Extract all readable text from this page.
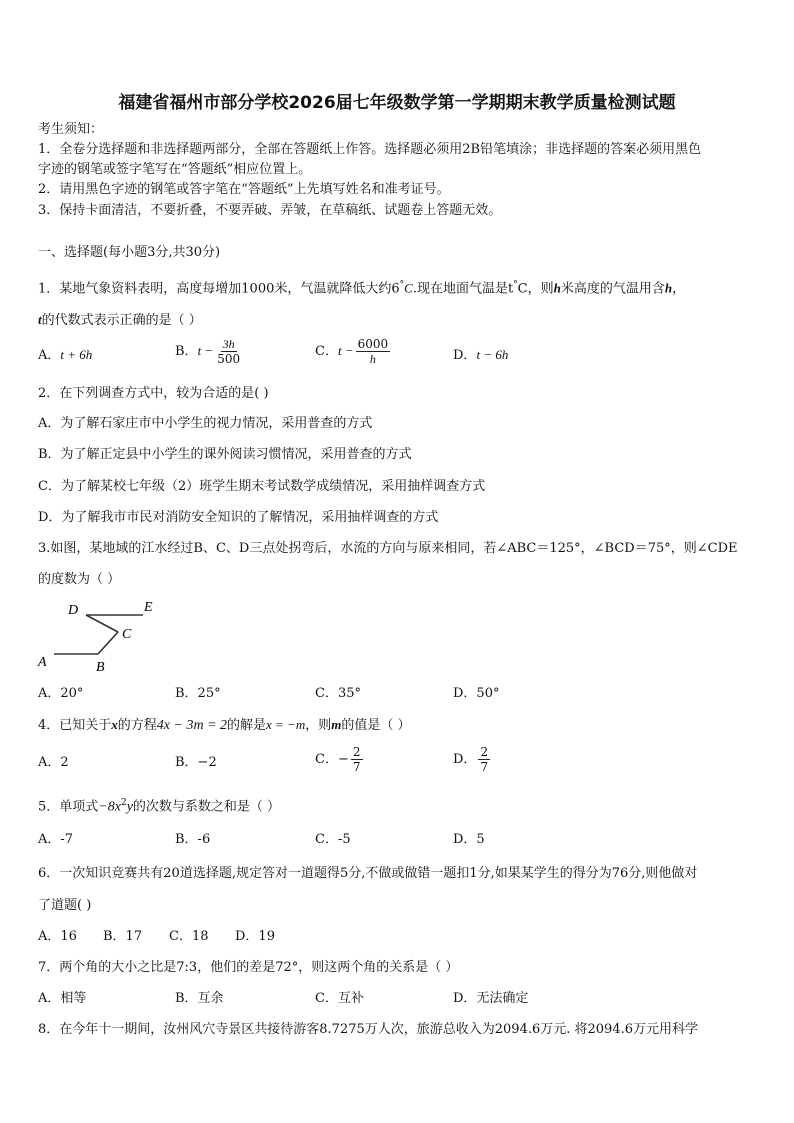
福建省福州市部分学校2026届七年级数学第一学期期末教学质量检测试题
考生须知：
1．全卷分选择题和非选择题两部分，全部在答题纸上作答。选择题必须用2B铅笔填涂；非选择题的答案必须用黑色
字迹的钢笔或签字笔写在“答题纸”相应位置上。
2．请用黑色字迹的钢笔或答字笔在“答题纸”上先填写姓名和准考证号。
3．保持卡面清洁，不要折叠，不要弄破、弄皱，在草稿纸、试题卷上答题无效。
一、选择题(每小题3分,共30分)
1．某地气象资料表明，高度每增加1000米，气温就降低大约6°C.现在地面气温是t°C，则h米高度的气温用含h，
t的代数式表示正确的是（ ）
A．t + 6h	B．$t - \frac{3h}{500}$	C．$t - \frac{6000}{h}$	D．t − 6h
2．在下列调查方式中，较为合适的是( )
A．为了解石家庄市中小学生的视力情况，采用普查的方式
B．为了解正定县中小学生的课外阅读习惯情况，采用普查的方式
C．为了解某校七年级（2）班学生期末考试数学成绩情况，采用抽样调查方式
D．为了解我市市民对消防安全知识的了解情况，采用抽样调查的方式
3.如图，某地域的江水经过B、C、D三点处拐弯后，水流的方向与原来相同，若∠ABC＝125°，∠BCD＝75°，则∠CDE
的度数为（ ）
A	B
C
D	E
A．20°	B．25°	C．35°	D．50°
4．已知关于x的方程4x − 3m = 2的解是x = −m，则m的值是（ ）
A．2	B．−2	C．− $\frac{2}{7}$	D． $\frac{2}{7}$
5．单项式$-8x^2y$的次数与系数之和是（ ）
A．-7	B．-6	C．-5	D．5
6．一次知识竞赛共有20道选择题,规定答对一道题得5分,不做或做错一题扣1分,如果某学生的得分为76分,则他做对
了道题( )
A．16 B．17 C．18 D．19
7．两个角的大小之比是7:3，他们的差是72°，则这两个角的关系是（ ）
A．相等	B．互余	C．互补	D．无法确定
8．在今年十一期间，汝州风穴寺景区共接待游客8.7275万人次，旅游总收入为2094.6万元. 将2094.6万元用科学
